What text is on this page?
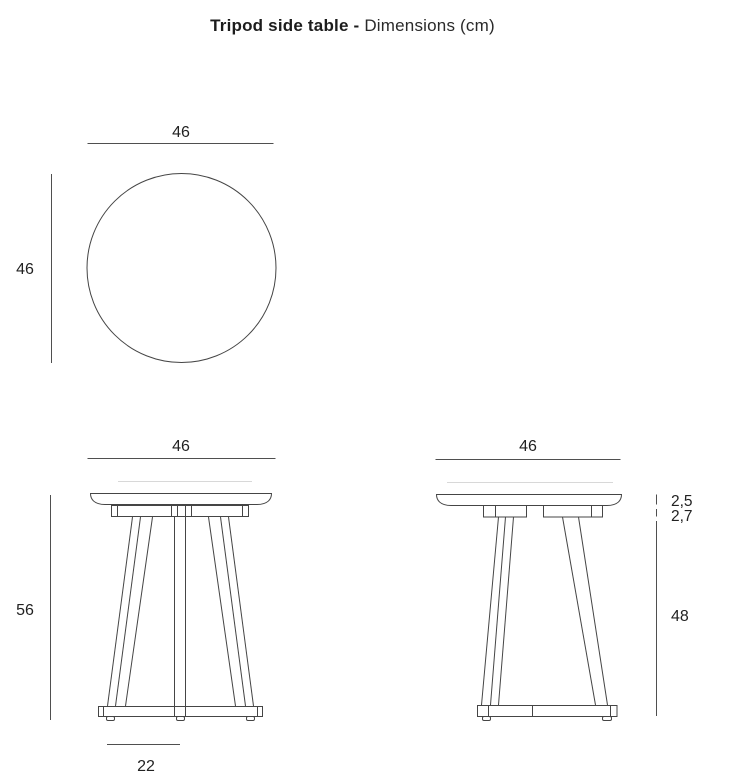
Tripod side table - Dimensions (cm)
46
46
46
56
22
46
2,5
2,7
48
